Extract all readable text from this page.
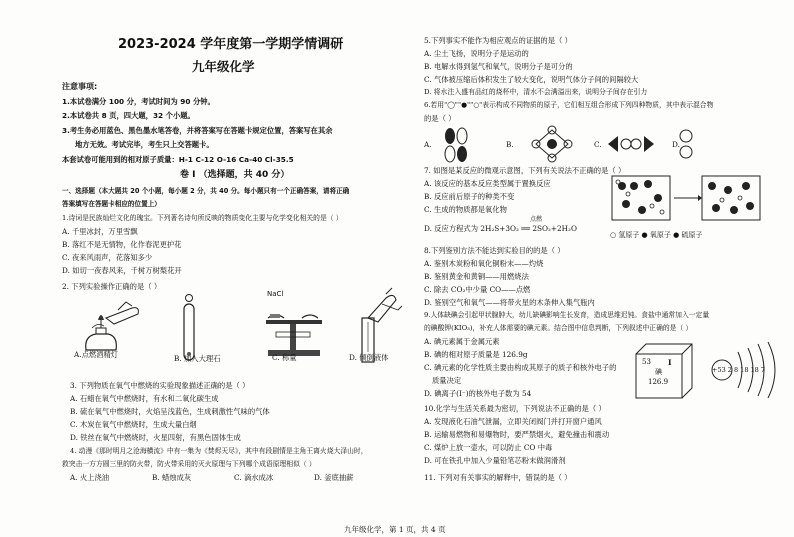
2023-2024 学年度第一学期学情调研
九年级化学
注意事项:
1.本试卷满分 100 分，考试时间为 90 分钟。
2.本试卷共 8 页，四大题，32 个小题。
3.考生务必用蓝色、黑色墨水笔答卷，并将答案写在答题卡规定位置，答案写在其余
地方无效。考试完毕，考生只上交答题卡。
本套试卷可能用到的相对原子质量：H-1 C-12 O-16 Ca-40 Cl-35.5
卷 I （选择题，共 40 分）
一、选择题（本大题共 20 个小题，每小题 2 分，共 40 分。每小题只有一个正确答案，请将正确
答案填写在答题卡相应的位置上）
1.诗词是民族灿烂文化的瑰宝。下列著名诗句所反映的物质变化主要与化学变化相关的是（ ）
A. 千里冰封，万里雪飘
B. 落红不是无情物，化作春泥更护花
C. 夜来风雨声，花落知多少
D. 如切一夜春风来，千树万树梨花开
2. 下列实验操作正确的是（ ）
NaCl
A.点燃酒精灯	B. 加入大理石	C. 称量	D. 倾倒液体
3. 下列物质在氧气中燃烧的实验现象描述正确的是（ ）
A. 石蜡在氧气中燃烧时，有水和二氧化碳生成
B. 硫在氧气中燃烧时，火焰呈浅蓝色，生成刺激性气味的气体
C. 木炭在氧气中燃烧时，生成大量白烟
D. 铁丝在氧气中燃烧时，火星四射，有黑色固体生成
4. 动漫《那时明月之沧海横流》中有一集为《焚烬天尽》，其中有段剧情是主角王离火烧大泽山时，
救突击一方方圆三里的防火带，防火带采用的灭火原理与下列哪个成语原理相似（ ）
A. 火上浇油	B. 蜡烛成灰	C. 滴水成冰	D. 釜底抽薪
5.下列事实不能作为相应观点的证据的是（ ）
A. 尘土飞扬，说明分子是运动的
B. 电解水得到氢气和氧气，说明分子是可分的
C. 气体被压缩后体积发生了较大变化，说明气体分子间的间隔较大
D. 将水注入盛有品红的烧杯中，清水不会满溢出来，说明分子间存在引力
6.若用"◯""●""○"表示构成不同物质的原子，它们相互组合形成下列四种物质，其中表示混合物
的是（ ）
A.	B.	C.	D.
7. 如图是某反应的微观示意图，下列有关说法不正确的是（ ）
A. 该反应的基本反应类型属于置换反应
B. 反应前后原子的种类不变
C. 生成的物质都是氧化物
D. 反应方程式为 2H₂S+3O₂ ══ 2SO₂+2H₂O
点燃
○ 氢原子 ● 氧原子 ● 硫原子
8.下列鉴别方法不能达到实验目的的是（ ）
A. 鉴别木炭粉和氧化铜粉末——灼烧
B. 鉴别黄金和黄铜——用燃烧法
C. 除去 CO₂中少量 CO——点燃
D. 鉴别空气和氧气——将带火星的木条伸入集气瓶内
9.人体缺碘会引起甲状腺肿大，幼儿缺碘影响生长发育，造成思维迟钝。食盐中通常加入一定量
的碘酸钾(KIO₃)，补充人体需要的碘元素。结合图中信息判断，下列叙述中正确的是（ ）
A. 碘元素属于金属元素
B. 碘的相对原子质量是 126.9g
C. 碘元素的化学性质主要由构成其原子的质子和核外电子的
质量决定
D. 碘离子(I⁻)的核外电子数为 54
53 I
碘
126.9
+53 2 8 18 18 7
10.化学与生活关系最为密切，下列说法不正确的是（ ）
A. 发现液化石油气泄漏，立即关闭阀门并打开窗户通风
B. 运输易燃物和易爆物时，要严禁烟火，避免撞击和震动
C. 煤炉上放一壶水，可以防止 CO 中毒
D. 可在铁孔中加入少量铅笔芯粉末做润滑剂
11. 下列对有关事实的解释中，错误的是（ ）
九年级化学，第 1 页，共 4 页
